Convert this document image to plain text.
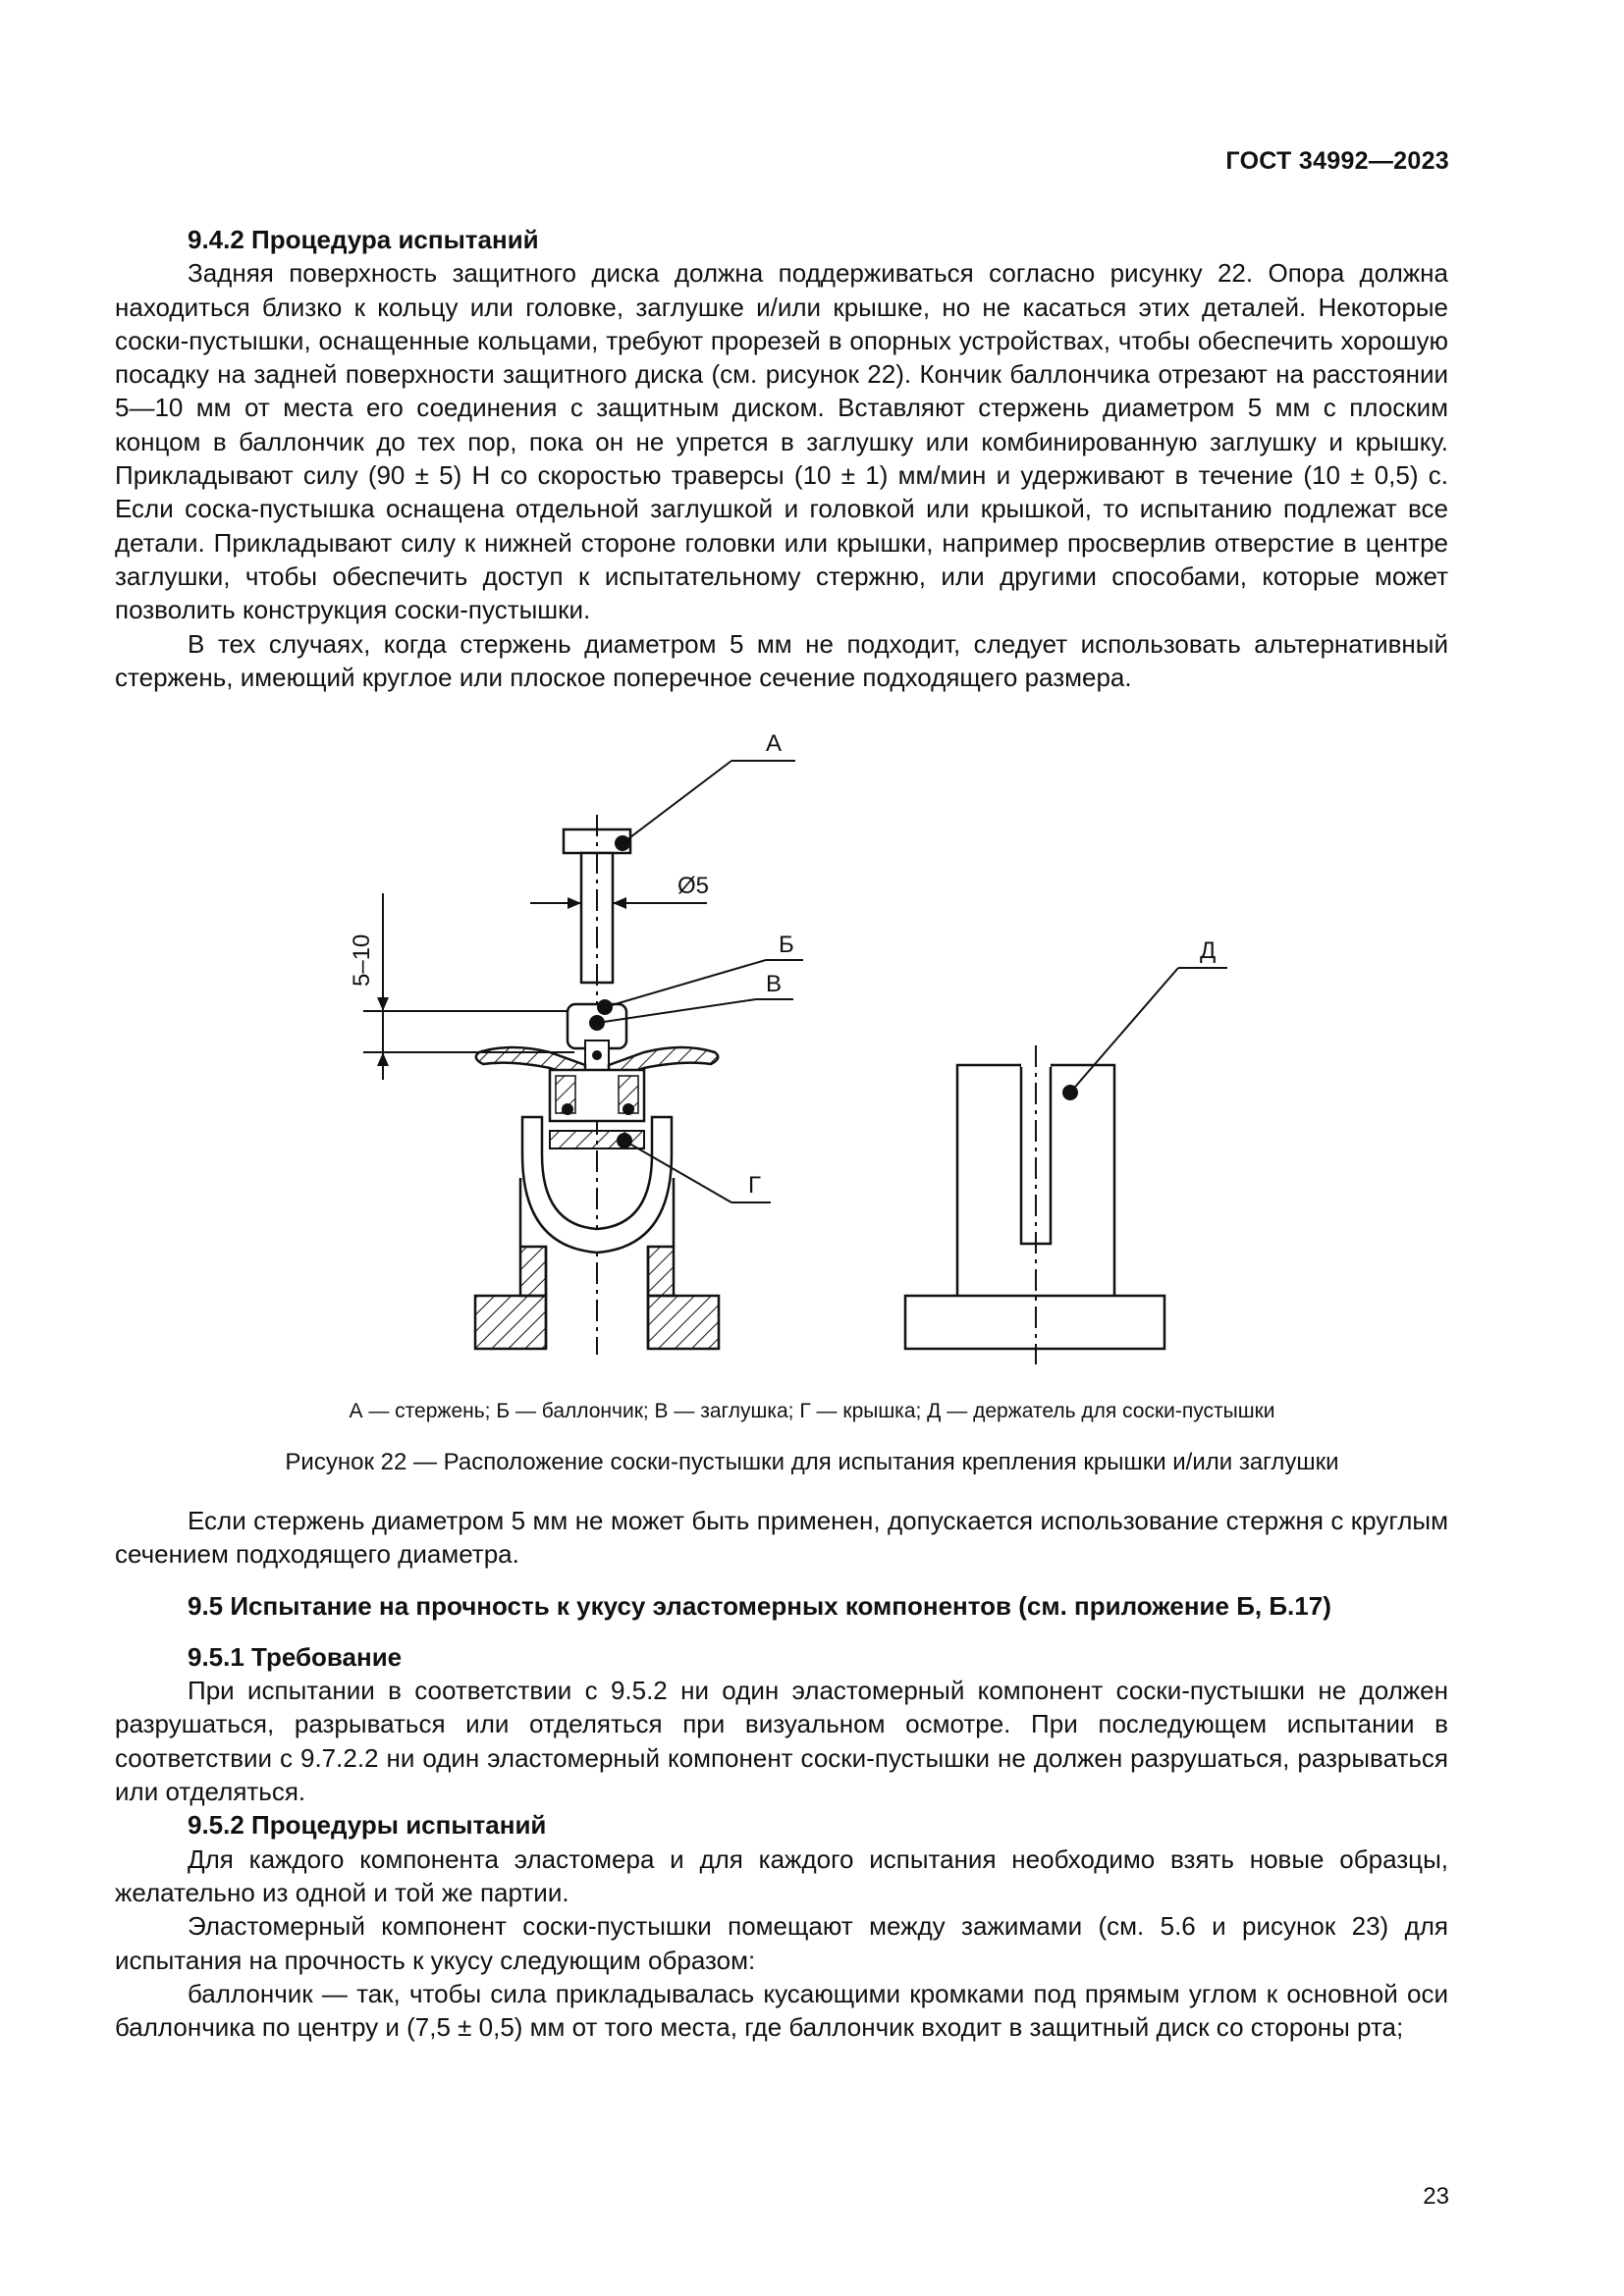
ГОСТ 34992—2023

9.4.2 Процедура испытаний

Задняя поверхность защитного диска должна поддерживаться согласно рисунку 22. Опора должна находиться близко к кольцу или головке, заглушке и/или крышке, но не касаться этих деталей. Некоторые соски-пустышки, оснащенные кольцами, требуют прорезей в опорных устройствах, чтобы обеспечить хорошую посадку на задней поверхности защитного диска (см. рисунок 22). Кончик баллончика отрезают на расстоянии 5—10 мм от места его соединения с защитным диском. Вставляют стержень диаметром 5 мм с плоским концом в баллончик до тех пор, пока он не упрется в заглушку или комбинированную заглушку и крышку. Прикладывают силу (90 ± 5) Н со скоростью траверсы (10 ± 1) мм/мин и удерживают в течение (10 ± 0,5) с. Если соска-пустышка оснащена отдельной заглушкой и головкой или крышкой, то испытанию подлежат все детали. Прикладывают силу к нижней стороне головки или крышки, например просверлив отверстие в центре заглушки, чтобы обеспечить доступ к испытательному стержню, или другими способами, которые может позволить конструкция соски-пустышки.

В тех случаях, когда стержень диаметром 5 мм не подходит, следует использовать альтернативный стержень, имеющий круглое или плоское поперечное сечение подходящего размера.

Ø5
А
5–10	Б
В
Г
Д
А — стержень; Б — баллончик; В — заглушка; Г — крышка; Д — держатель для соски-пустышки
Рисунок 22 — Расположение соски-пустышки для испытания крепления крышки и/или заглушки

Если стержень диаметром 5 мм не может быть применен, допускается использование стержня с круглым сечением подходящего диаметра.

9.5 Испытание на прочность к укусу эластомерных компонентов (см. приложение Б, Б.17)

9.5.1 Требование

При испытании в соответствии с 9.5.2 ни один эластомерный компонент соски-пустышки не должен разрушаться, разрываться или отделяться при визуальном осмотре. При последующем испытании в соответствии с 9.7.2.2 ни один эластомерный компонент соски-пустышки не должен разрушаться, разрываться или отделяться.

9.5.2 Процедуры испытаний

Для каждого компонента эластомера и для каждого испытания необходимо взять новые образцы, желательно из одной и той же партии.

Эластомерный компонент соски-пустышки помещают между зажимами (см. 5.6 и рисунок 23) для испытания на прочность к укусу следующим образом:

баллончик — так, чтобы сила прикладывалась кусающими кромками под прямым углом к основной оси баллончика по центру и (7,5 ± 0,5) мм от того места, где баллончик входит в защитный диск со стороны рта;

23
